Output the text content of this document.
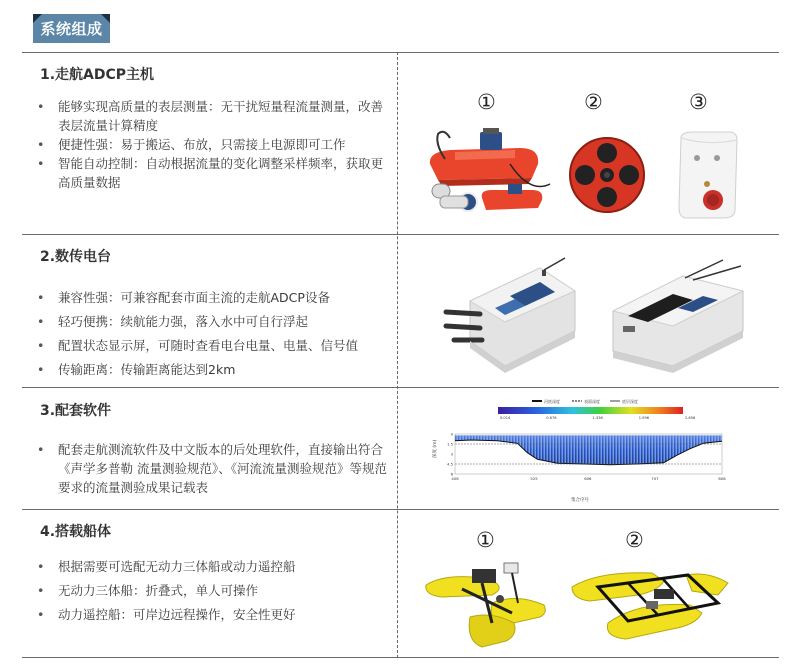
系统组成
1.走航ADCP主机
• 能够实现高质量的表层测量：无干扰短量程流量测量，改善表层流量计算精度
• 便捷性强：易于搬运、布放，只需接上电源即可工作
• 智能自动控制：自动根据流量的变化调整采样频率，获取更高质量数据
①	②	③
2.数传电台
• 兼容性强：可兼容配套市面主流的走航ADCP设备
• 轻巧便携：续航能力强，落入水中可自行浮起
• 配置状态显示屏，可随时查看电台电量、电量、信号值
• 传输距离：传输距离能达到2km
3.配套软件
• 配套走航测流软件及中文版本的后处理软件，直接输出符合《声学多普勒 流量测验规范》、《河流流量测验规范》等规范要求的流量测验成果记载表
河底深度	表面深度	底层深度
0.014	0.676	1.336	1.996	2.656
0
1.5
3
4.5
6
406	525	606	707	808
深度 (m)
集合序号
4.搭载船体
• 根据需要可选配无动力三体船或动力遥控船
• 无动力三体船：折叠式，单人可操作
• 动力遥控船：可岸边远程操作，安全性更好
①	②
